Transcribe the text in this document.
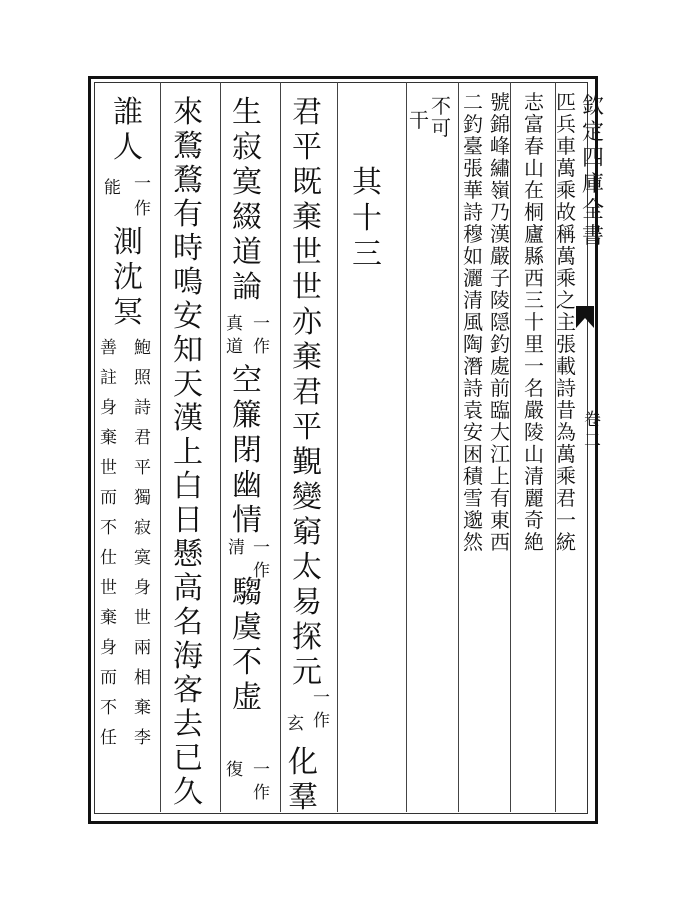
欽
定
四
庫
全
書
卷
二
匹
兵
車
萬
乘
故
稱
萬
乘
之
主
張
載
詩
昔
為
萬
乘
君
一
統
志
富
春
山
在
桐
廬
縣
西
三
十
里
一
名
嚴
陵
山
清
麗
奇
絶
號
錦
峰
繡
嶺
乃
漢
嚴
子
陵
隠
釣
處
前
臨
大
江
上
有
東
西
二
釣
臺
張
華
詩
穆
如
灑
清
風
陶
潛
詩
袁
安
困
積
雪
邈
然
不
可
干
其
十
三
君
平
既
棄
世
世
亦
棄
君
平
覲
變
窮
太
易
探
元
一
作
玄
化
羣
生
寂
寞
綴
道
論
一
作
真
道
空
簾
閉
幽
情
一
作
清
騶
虞
不
虚
一
作
復
來
鶩
鶩
有
時
鳴
安
知
天
漢
上
白
日
懸
高
名
海
客
去
已
久
誰
人
一
作
能
測
沈
冥
鮑
照
詩
君
平
獨
寂
寞
身
世
兩
相
棄
李
善
註
身
棄
世
而
不
仕
世
棄
身
而
不
任
